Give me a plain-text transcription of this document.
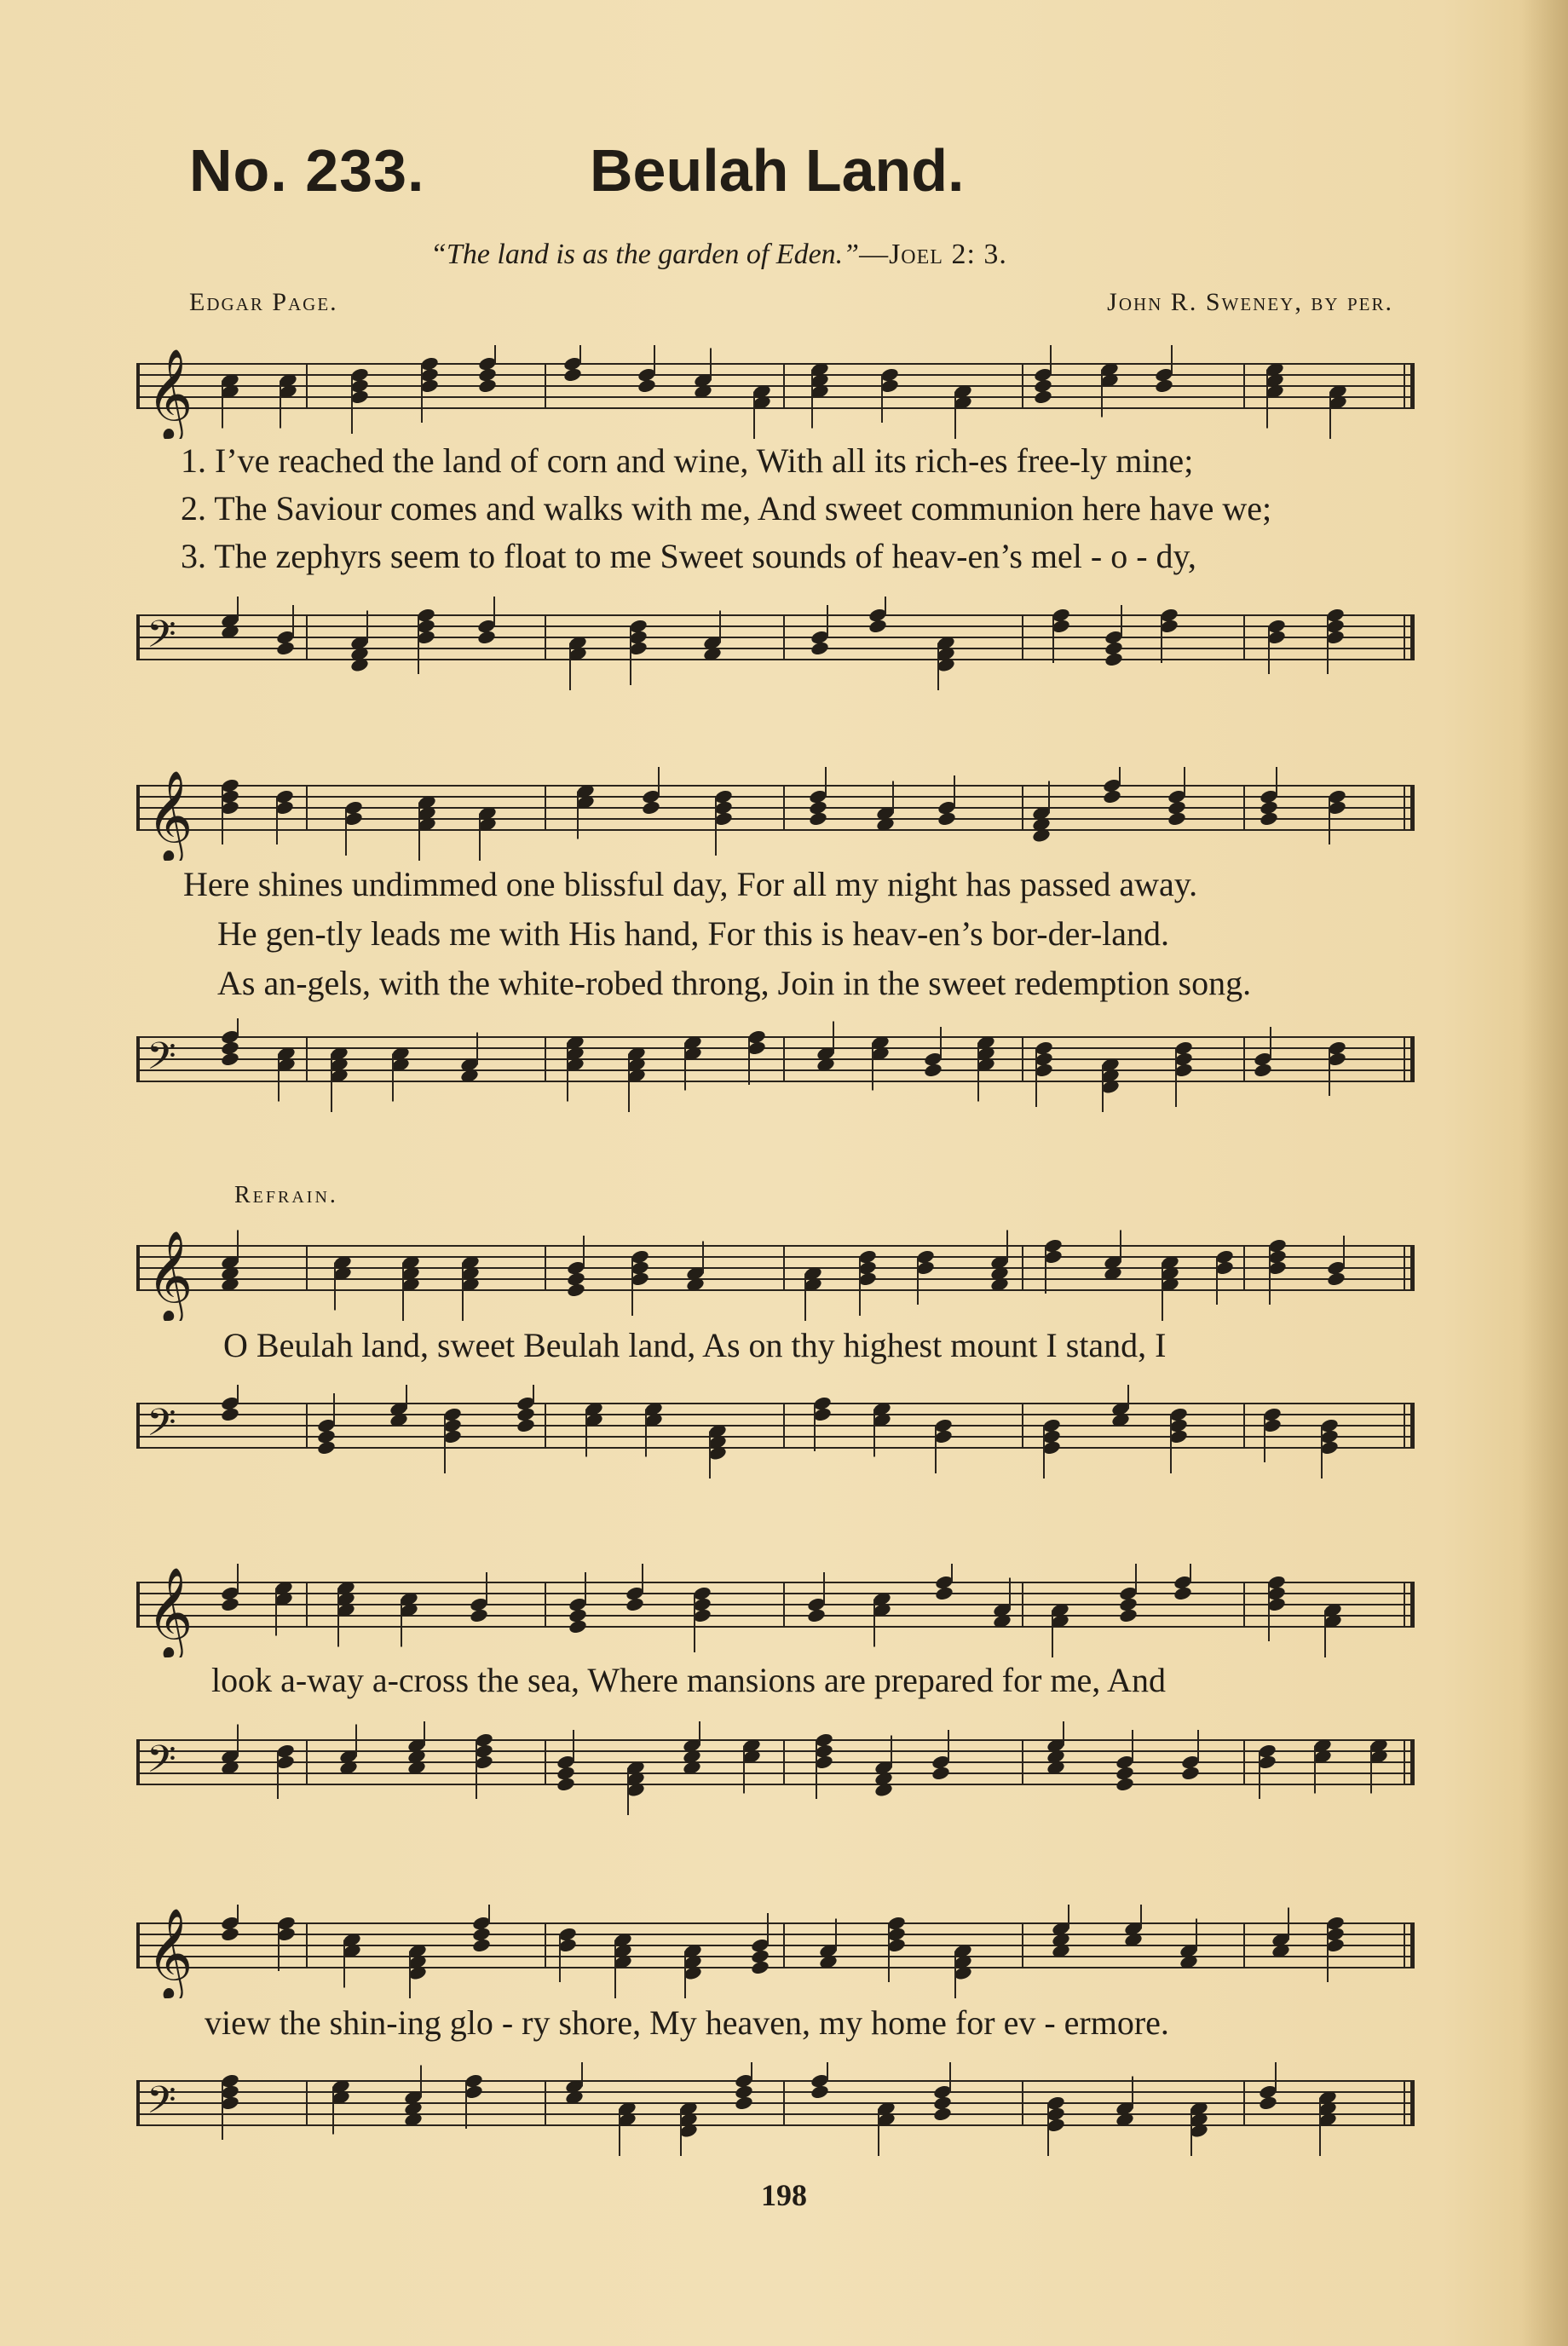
No. 233.	Beulah Land.
“The land is as the garden of Eden.”—Joel 2: 3.
Edgar Page.	John R. Sweney, by per.
𝄞
1. I’ve reached the land of corn and wine, With all its rich-es free-ly mine;
2. The Saviour comes and walks with me, And sweet communion here have we;
3. The zephyrs seem to float to me Sweet sounds of heav-en’s mel - o - dy,
𝄢
𝄞
Here shines undimmed one blissful day, For all my night has passed away.
He gen-tly leads me with His hand, For this is heav-en’s bor-der-land.
As an-gels, with the white-robed throng, Join in the sweet redemption song.
𝄢
Refrain.
𝄞
O Beulah land, sweet Beulah land, As on thy highest mount I stand, I
𝄢
𝄞
look a-way a-cross the sea, Where mansions are prepared for me, And
𝄢
𝄞
view the shin-ing glo - ry shore, My heaven, my home for ev - ermore.
𝄢
198
